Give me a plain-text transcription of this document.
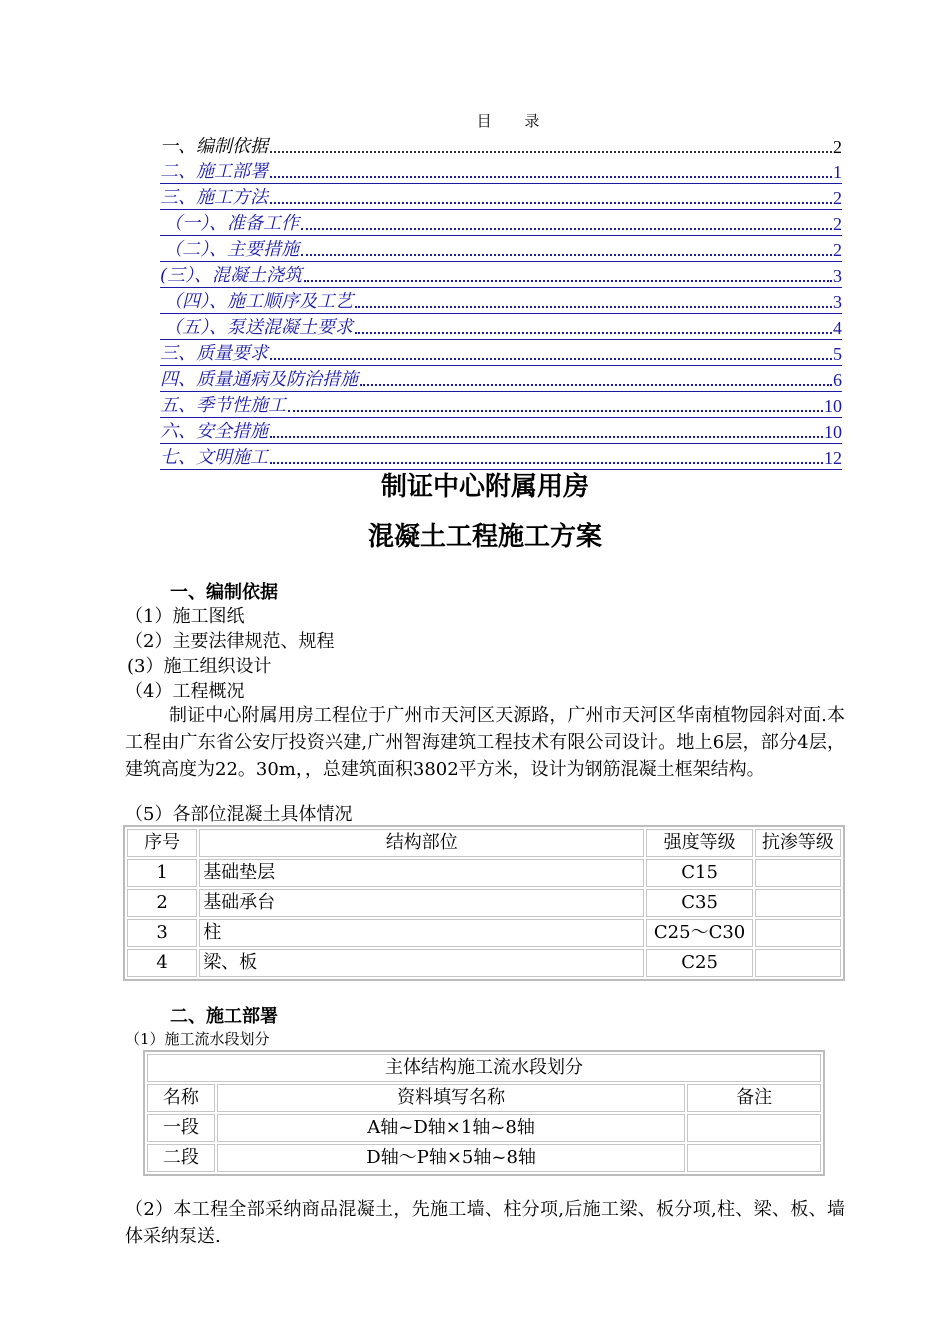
目 录
一、编制依据	2
二、施工部署	1
三、施工方法	2
（一）、准备工作	2
（二）、主要措施	2
(三）、混凝土浇筑	3
（四）、施工顺序及工艺	3
（五）、泵送混凝土要求	4
三、质量要求	5
四、质量通病及防治措施	6
五、季节性施工	10
六、安全措施	10
七、文明施工	12
制证中心附属用房
混凝土工程施工方案
一、编制依据
（1）施工图纸
（2）主要法律规范、规程
(3）施工组织设计
（4）工程概况
制证中心附属用房工程位于广州市天河区天源路，广州市天河区华南植物园斜对面.本工程由广东省公安厅投资兴建,广州智海建筑工程技术有限公司设计。地上6层，部分4层，建筑高度为22。30m，，总建筑面积3802平方米，设计为钢筋混凝土框架结构。
（5）各部位混凝土具体情况
序号	结构部位	强度等级	抗渗等级
1	基础垫层	C15	
2	基础承台	C35	
3	柱	C25～C30	
4	梁、板	C25	
二、施工部署
（1）施工流水段划分
主体结构施工流水段划分		
名称	资料填写名称	备注
一段	A轴~D轴×1轴~8轴	
二段	D轴～P轴×5轴~8轴	
（2）本工程全部采纳商品混凝土，先施工墙、柱分项,后施工梁、板分项,柱、梁、板、墙体采纳泵送.
